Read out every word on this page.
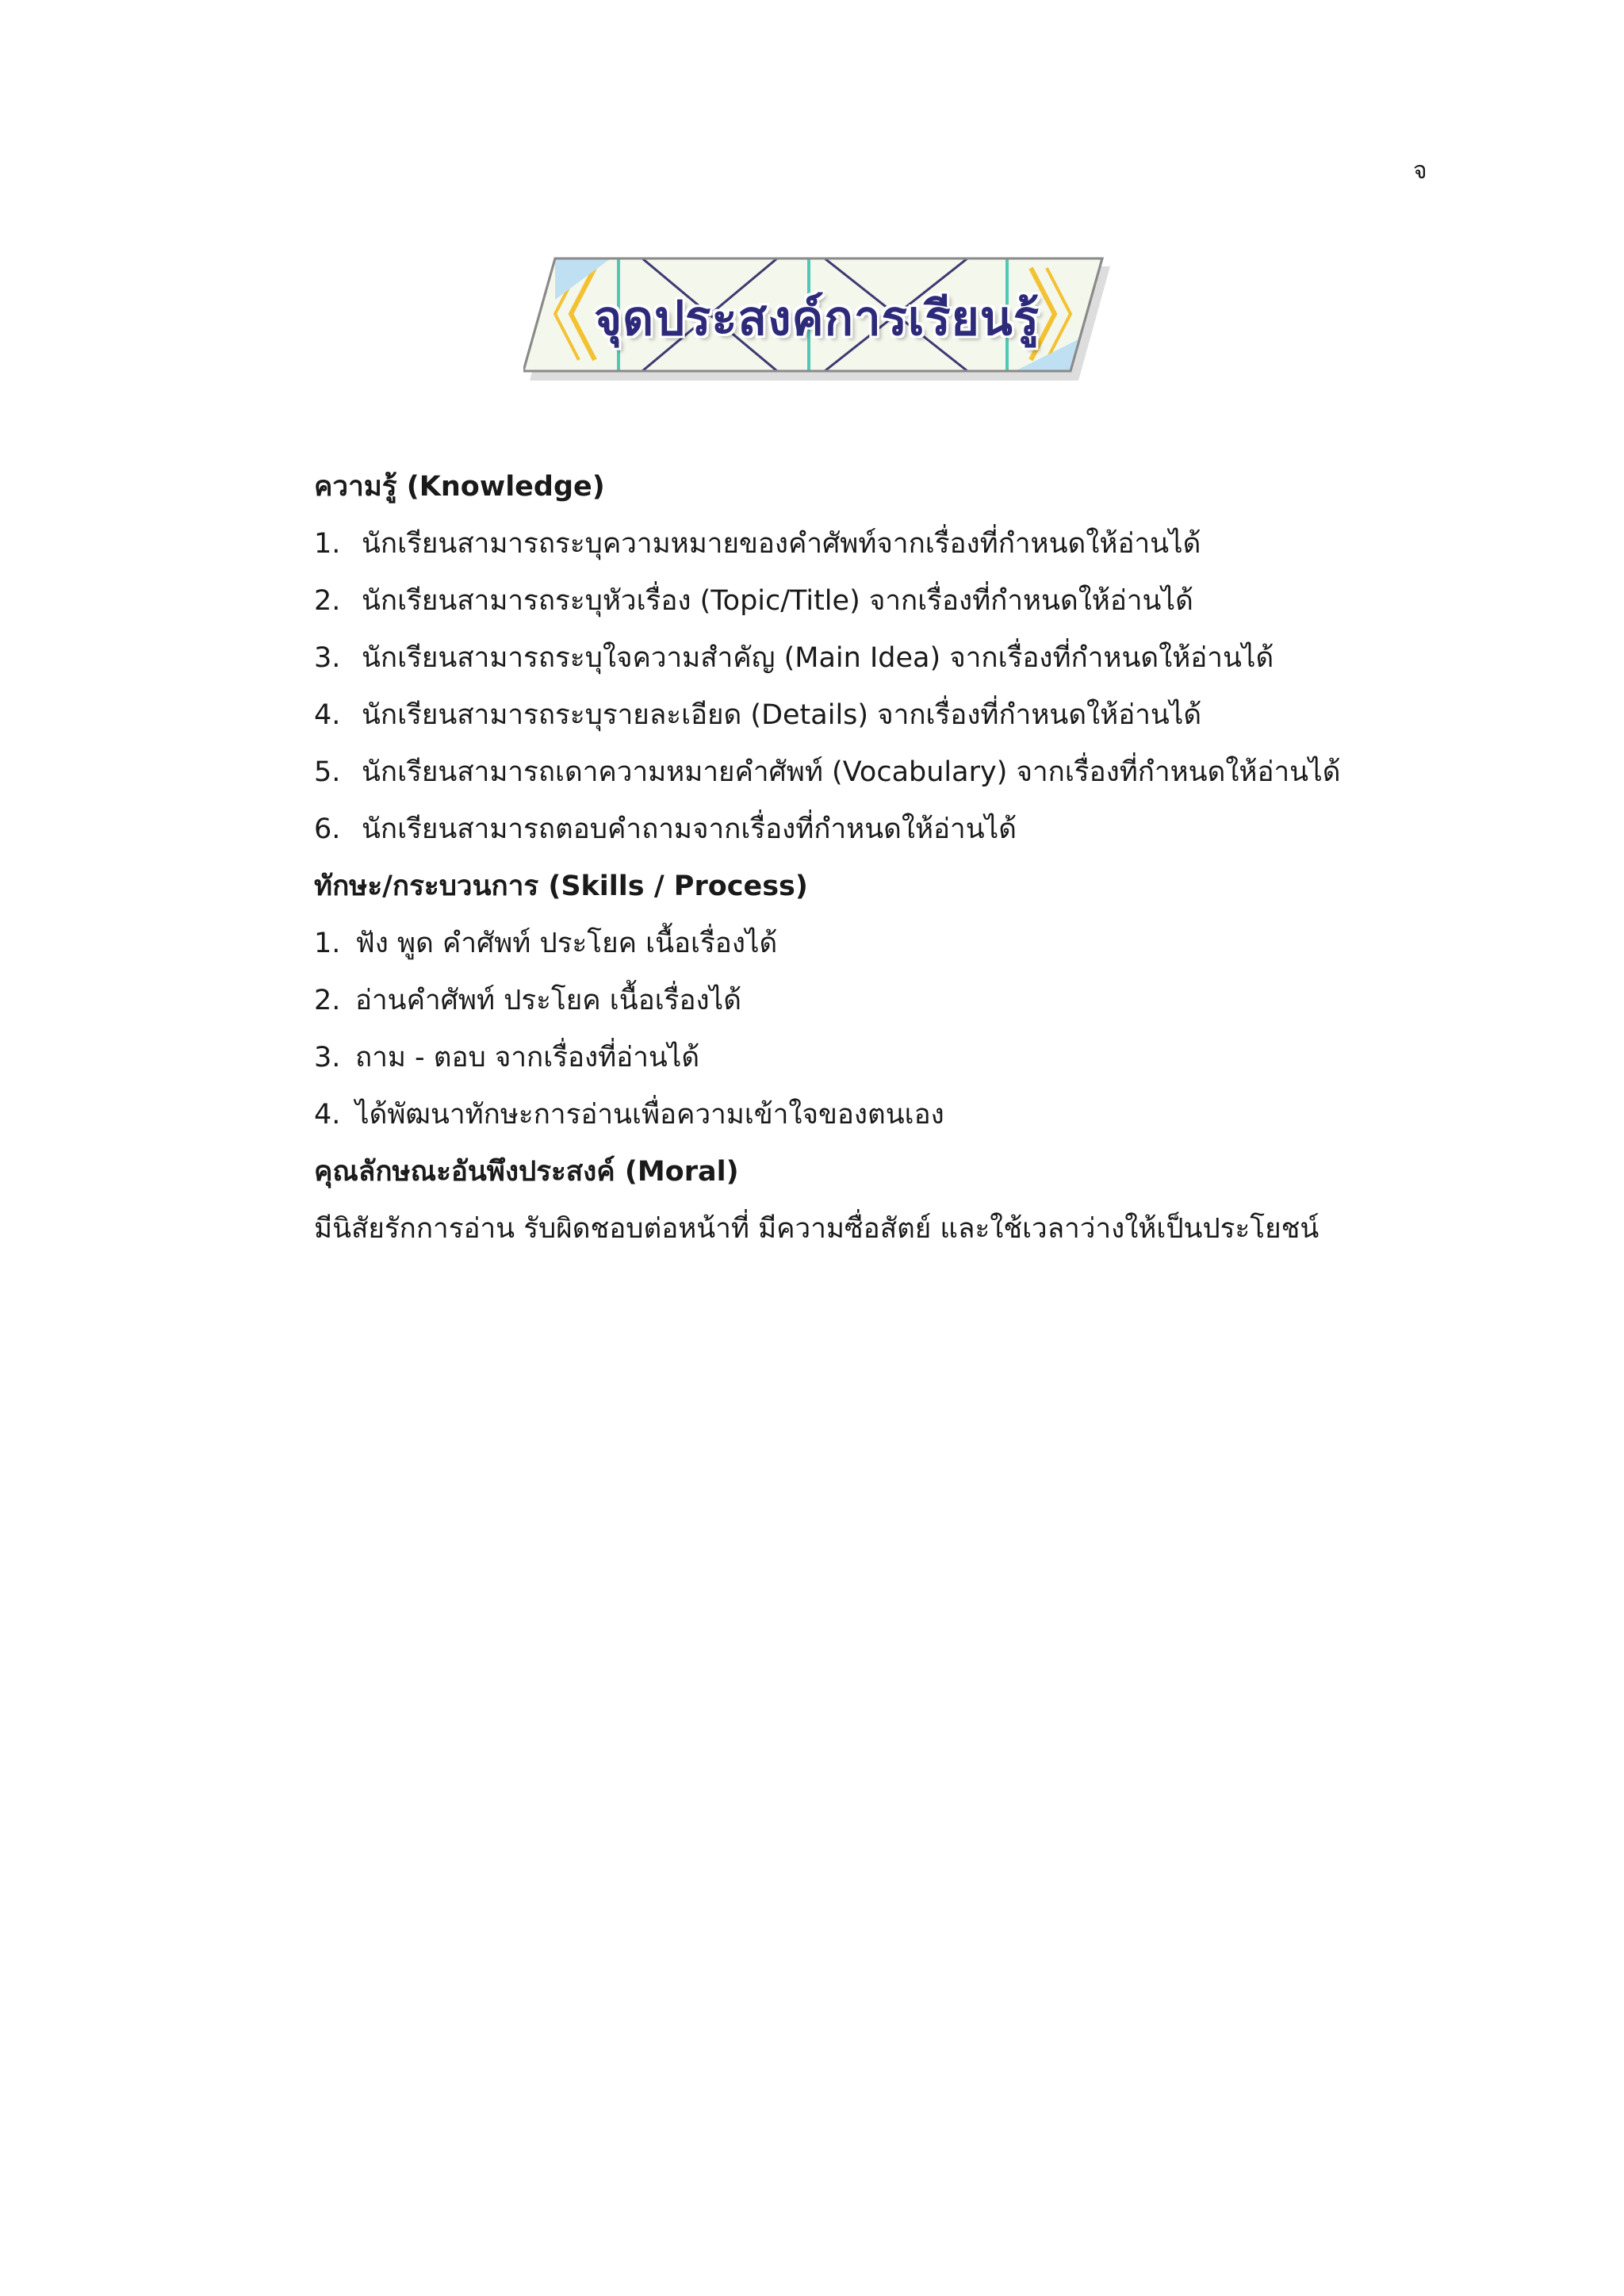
จ
จุดประสงค์การเรียนรู้
ความรู้ (Knowledge)
1. นักเรียนสามารถระบุความหมายของคำศัพท์จากเรื่องที่กำหนดให้อ่านได้
2. นักเรียนสามารถระบุหัวเรื่อง (Topic/Title) จากเรื่องที่กำหนดให้อ่านได้
3. นักเรียนสามารถระบุใจความสำคัญ (Main Idea) จากเรื่องที่กำหนดให้อ่านได้
4. นักเรียนสามารถระบุรายละเอียด (Details) จากเรื่องที่กำหนดให้อ่านได้
5. นักเรียนสามารถเดาความหมายคำศัพท์ (Vocabulary) จากเรื่องที่กำหนดให้อ่านได้
6. นักเรียนสามารถตอบคำถามจากเรื่องที่กำหนดให้อ่านได้
ทักษะ/กระบวนการ (Skills / Process)
1. ฟัง พูด คำศัพท์ ประโยค เนื้อเรื่องได้
2. อ่านคำศัพท์ ประโยค เนื้อเรื่องได้
3. ถาม - ตอบ จากเรื่องที่อ่านได้
4. ได้พัฒนาทักษะการอ่านเพื่อความเข้าใจของตนเอง
คุณลักษณะอันพึงประสงค์ (Moral)
มีนิสัยรักการอ่าน รับผิดชอบต่อหน้าที่ มีความซื่อสัตย์ และใช้เวลาว่างให้เป็นประโยชน์
